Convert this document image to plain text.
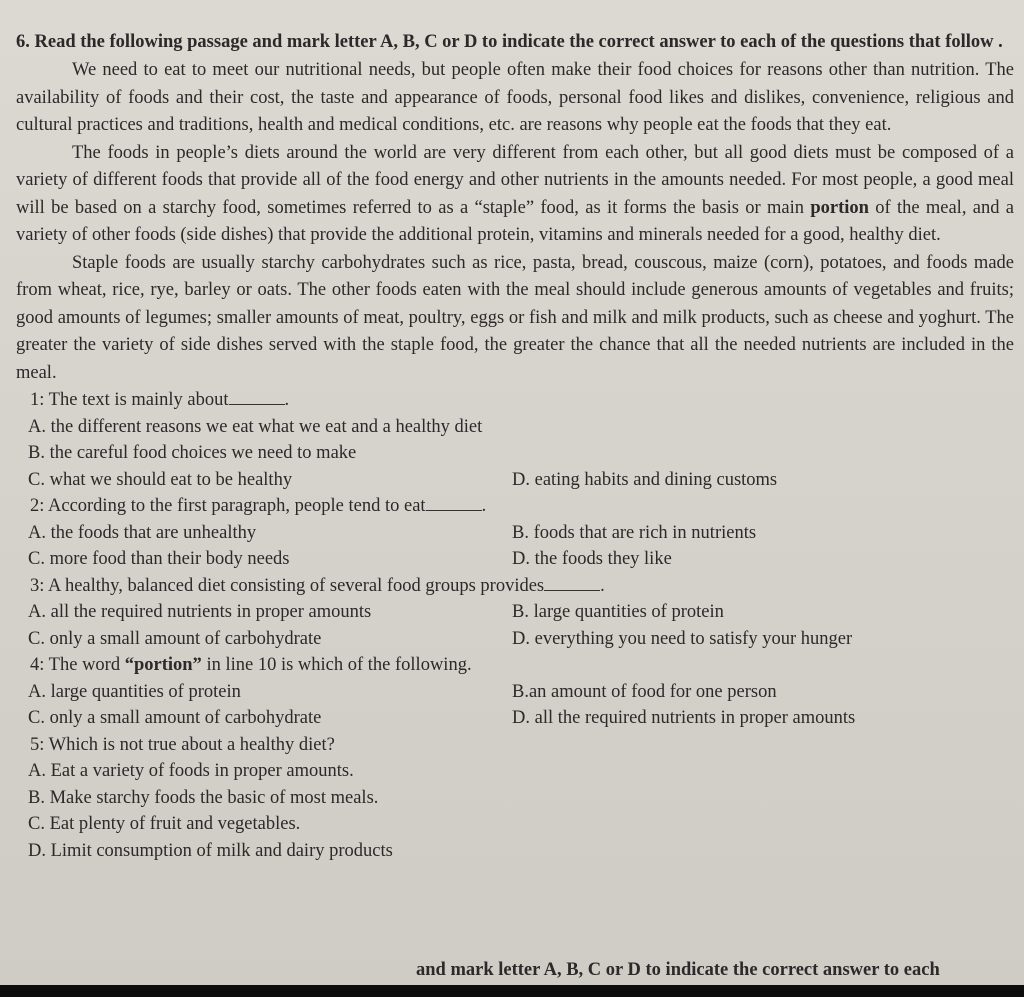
6. Read the following passage and mark letter A, B, C or D to indicate the correct answer to each of the questions that follow .

We need to eat to meet our nutritional needs, but people often make their food choices for reasons other than nutrition. The availability of foods and their cost, the taste and appearance of foods, personal food likes and dislikes, convenience, religious and cultural practices and traditions, health and medical conditions, etc. are reasons why people eat the foods that they eat.

The foods in people’s diets around the world are very different from each other, but all good diets must be composed of a variety of different foods that provide all of the food energy and other nutrients in the amounts needed. For most people, a good meal will be based on a starchy food, sometimes referred to as a “staple” food, as it forms the basis or main portion of the meal, and a variety of other foods (side dishes) that provide the additional protein, vitamins and minerals needed for a good, healthy diet.

Staple foods are usually starchy carbohydrates such as rice, pasta, bread, couscous, maize (corn), potatoes, and foods made from wheat, rice, rye, barley or oats. The other foods eaten with the meal should include generous amounts of vegetables and fruits; good amounts of legumes; smaller amounts of meat, poultry, eggs or fish and milk and milk products, such as cheese and yoghurt. The greater the variety of side dishes served with the staple food, the greater the chance that all the needed nutrients are included in the meal.

1: The text is mainly about	.

A. the different reasons we eat what we eat and a healthy diet
B. the careful food choices we need to make
C. what we should eat to be healthy	D. eating habits and dining customs

2: According to the first paragraph, people tend to eat	.

A. the foods that are unhealthy	B. foods that are rich in nutrients
C. more food than their body needs	D. the foods they like

3: A healthy, balanced diet consisting of several food groups provides	.

A. all the required nutrients in proper amounts	B. large quantities of protein
C. only a small amount of carbohydrate	D. everything you need to satisfy your hunger

4: The word “portion” in line 10 is which of the following.

A. large quantities of protein	B.an amount of food for one person
C. only a small amount of carbohydrate	D. all the required nutrients in proper amounts

5: Which is not true about a healthy diet?

A. Eat a variety of foods in proper amounts.
B. Make starchy foods the basic of most meals.
C. Eat plenty of fruit and vegetables.
D. Limit consumption of milk and dairy products
and mark letter A, B, C or D to indicate the correct answer to each
